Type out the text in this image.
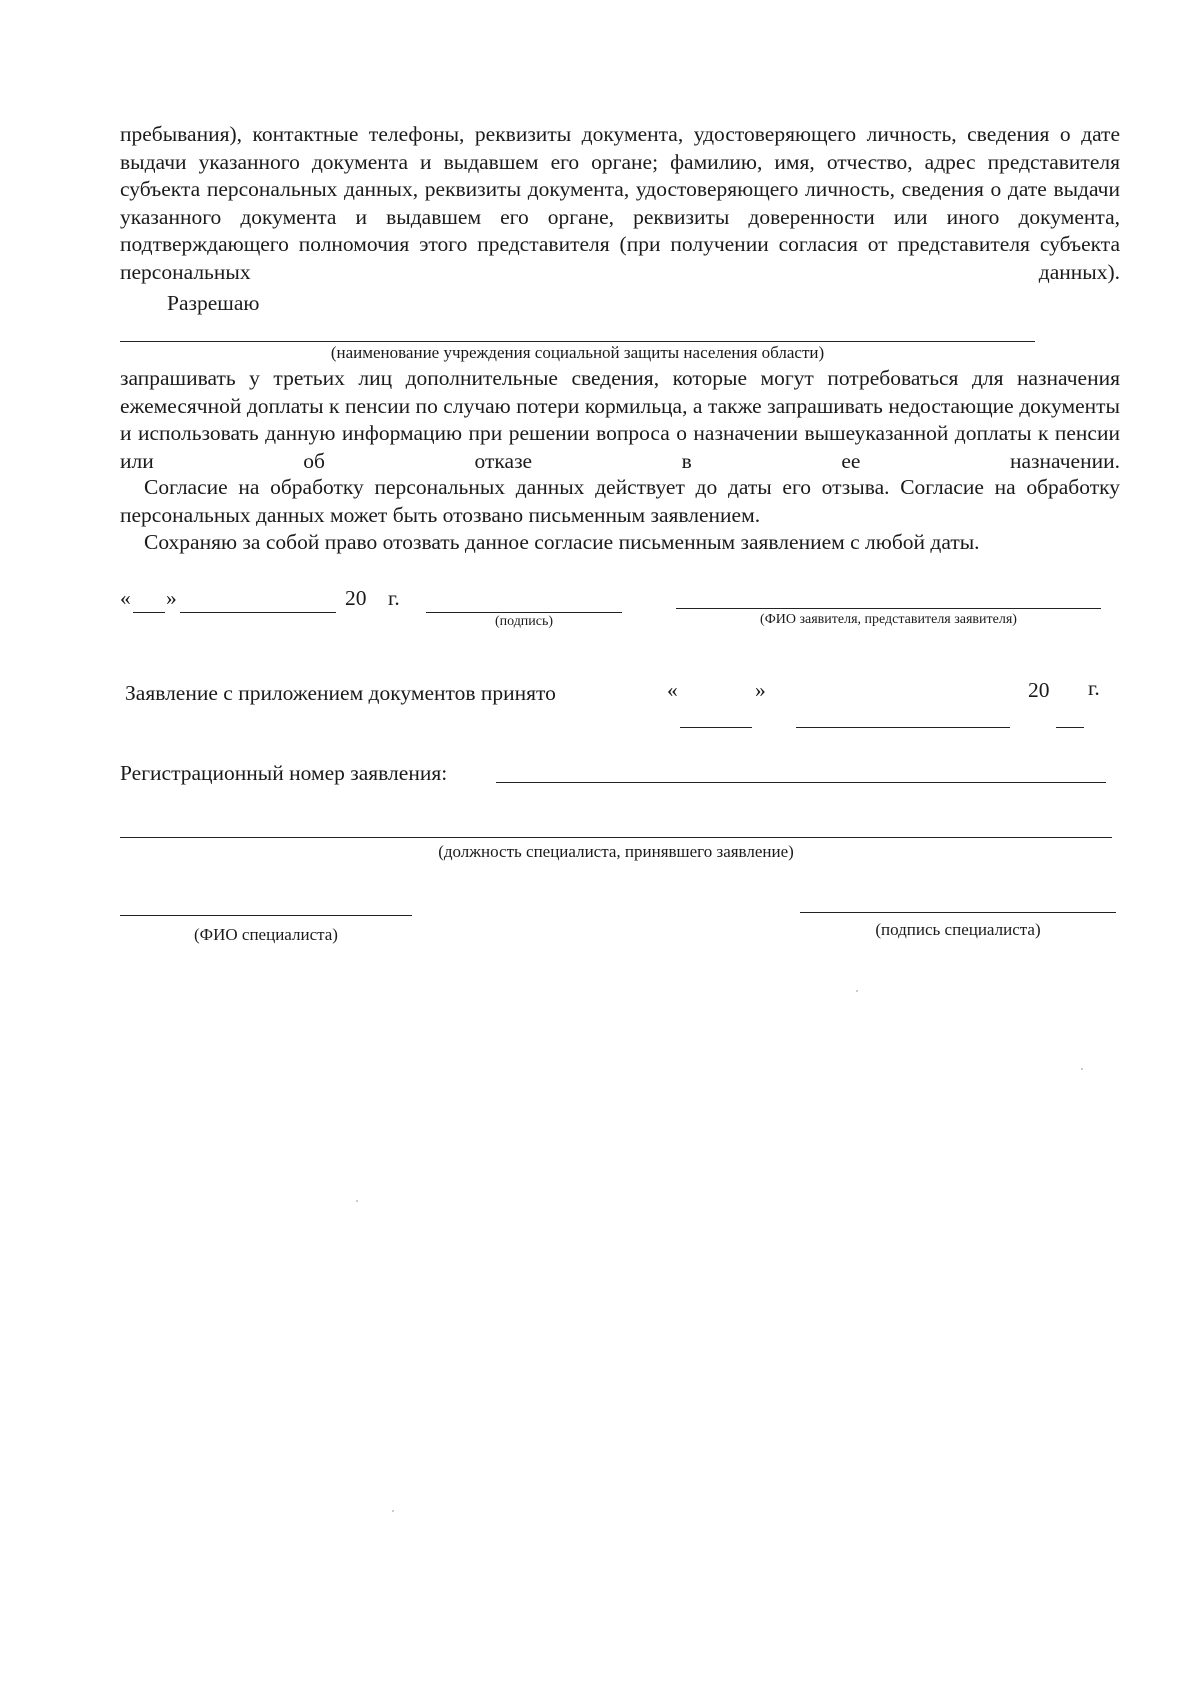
пребывания), контактные телефоны, реквизиты документа, удостоверяющего личность, сведения о дате выдачи указанного документа и выдавшем его органе; фамилию, имя, отчество, адрес представителя субъекта персональных данных, реквизиты документа, удостоверяющего личность, сведения о дате выдачи указанного документа и выдавшем его органе, реквизиты доверенности или иного документа, подтверждающего полномочия этого представителя (при получении согласия от представителя субъекта персональных данных).
Разрешаю
(наименование учреждения социальной защиты населения области)
запрашивать у третьих лиц дополнительные сведения, которые могут потребоваться для назначения ежемесячной доплаты к пенсии по случаю потери кормильца, а также запрашивать недостающие документы и использовать данную информацию при решении вопроса о назначении вышеуказанной доплаты к пенсии или об отказе в ее назначении.
Согласие на обработку персональных данных действует до даты его отзыва. Согласие на обработку персональных данных может быть отозвано письменным заявлением.
Сохраняю за собой право отозвать данное согласие письменным заявлением с любой даты.
« »	20 г.
(подпись)	(ФИО заявителя, представителя заявителя)
Заявление с приложением документов принято	«	»	20 г.
Регистрационный номер заявления:
(должность специалиста, принявшего заявление)
(ФИО специалиста)	(подпись специалиста)
